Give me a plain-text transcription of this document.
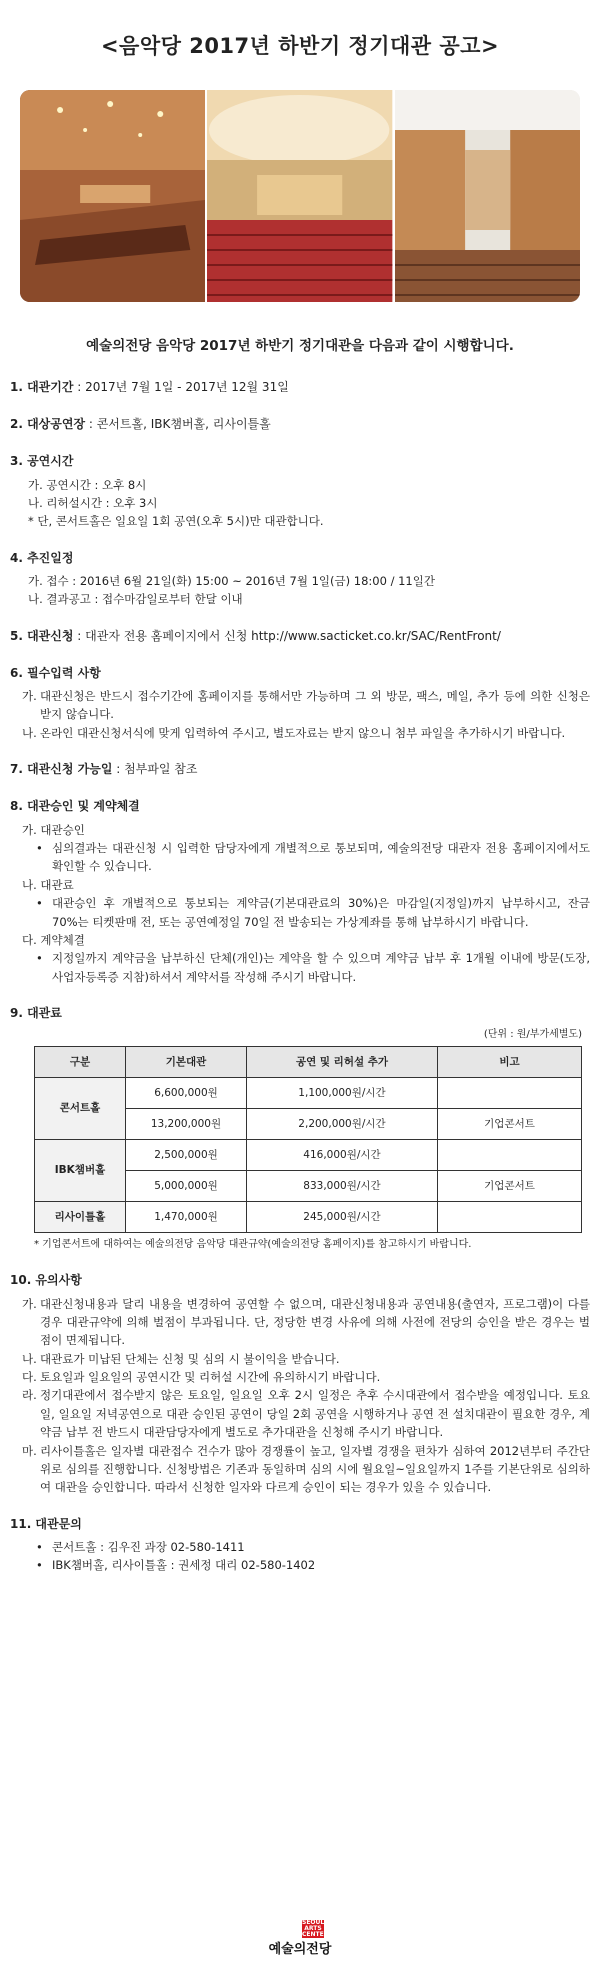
<음악당 2017년 하반기 정기대관 공고>
예술의전당 음악당 2017년 하반기 정기대관을 다음과 같이 시행합니다.
1. 대관기간 : 2017년 7월 1일 - 2017년 12월 31일
2. 대상공연장 : 콘서트홀, IBK챔버홀, 리사이틀홀
3. 공연시간
가. 공연시간 : 오후 8시
나. 리허설시간 : 오후 3시
* 단, 콘서트홀은 일요일 1회 공연(오후 5시)만 대관합니다.
4. 추진일정
가. 접수 : 2016년 6월 21일(화) 15:00 ~ 2016년 7월 1일(금) 18:00 / 11일간
나. 결과공고 : 접수마감일로부터 한달 이내
5. 대관신청 : 대관자 전용 홈페이지에서 신청 http://www.sacticket.co.kr/SAC/RentFront/
6. 필수입력 사항
가. 대관신청은 반드시 접수기간에 홈페이지를 통해서만 가능하며 그 외 방문, 팩스, 메일, 추가 등에 의한 신청은 받지 않습니다.
나. 온라인 대관신청서식에 맞게 입력하여 주시고, 별도자료는 받지 않으니 첨부 파일을 추가하시기 바랍니다.
7. 대관신청 가능일 : 첨부파일 참조
8. 대관승인 및 계약체결
가. 대관승인
• 심의결과는 대관신청 시 입력한 담당자에게 개별적으로 통보되며, 예술의전당 대관자 전용 홈페이지에서도 확인할 수 있습니다.
나. 대관료
• 대관승인 후 개별적으로 통보되는 계약금(기본대관료의 30%)은 마감일(지정일)까지 납부하시고, 잔금 70%는 티켓판매 전, 또는 공연예정일 70일 전 발송되는 가상계좌를 통해 납부하시기 바랍니다.
다. 계약체결
• 지정일까지 계약금을 납부하신 단체(개인)는 계약을 할 수 있으며 계약금 납부 후 1개월 이내에 방문(도장, 사업자등록증 지참)하셔서 계약서를 작성해 주시기 바랍니다.
9. 대관료
(단위 : 원/부가세별도)
구분	기본대관	공연 및 리허설 추가	비고
콘서트홀	6,600,000원	1,100,000원/시간	
	13,200,000원	2,200,000원/시간	기업콘서트
IBK챔버홀	2,500,000원	416,000원/시간	
	5,000,000원	833,000원/시간	기업콘서트
리사이틀홀	1,470,000원	245,000원/시간	
* 기업콘서트에 대하여는 예술의전당 음악당 대관규약(예술의전당 홈페이지)를 참고하시기 바랍니다.
10. 유의사항
가. 대관신청내용과 달리 내용을 변경하여 공연할 수 없으며, 대관신청내용과 공연내용(출연자, 프로그램)이 다를 경우 대관규약에 의해 벌점이 부과됩니다. 단, 정당한 변경 사유에 의해 사전에 전당의 승인을 받은 경우는 벌점이 면제됩니다.
나. 대관료가 미납된 단체는 신청 및 심의 시 불이익을 받습니다.
다. 토요일과 일요일의 공연시간 및 리허설 시간에 유의하시기 바랍니다.
라. 정기대관에서 접수받지 않은 토요일, 일요일 오후 2시 일정은 추후 수시대관에서 접수받을 예정입니다. 토요일, 일요일 저녁공연으로 대관 승인된 공연이 당일 2회 공연을 시행하거나 공연 전 설치대관이 필요한 경우, 계약금 납부 전 반드시 대관담당자에게 별도로 추가대관을 신청해 주시기 바랍니다.
마. 리사이틀홀은 일자별 대관접수 건수가 많아 경쟁률이 높고, 일자별 경쟁을 편차가 심하여 2012년부터 주간단위로 심의를 진행합니다. 신청방법은 기존과 동일하며 심의 시에 월요일~일요일까지 1주를 기본단위로 심의하여 대관을 승인합니다. 따라서 신청한 일자와 다르게 승인이 되는 경우가 있을 수 있습니다.
11. 대관문의
• 콘서트홀 : 김우진 과장 02-580-1411
• IBK챔버홀, 리사이틀홀 : 권세정 대리 02-580-1402
SEOUL
ARTS
CENTER
예술의전당
